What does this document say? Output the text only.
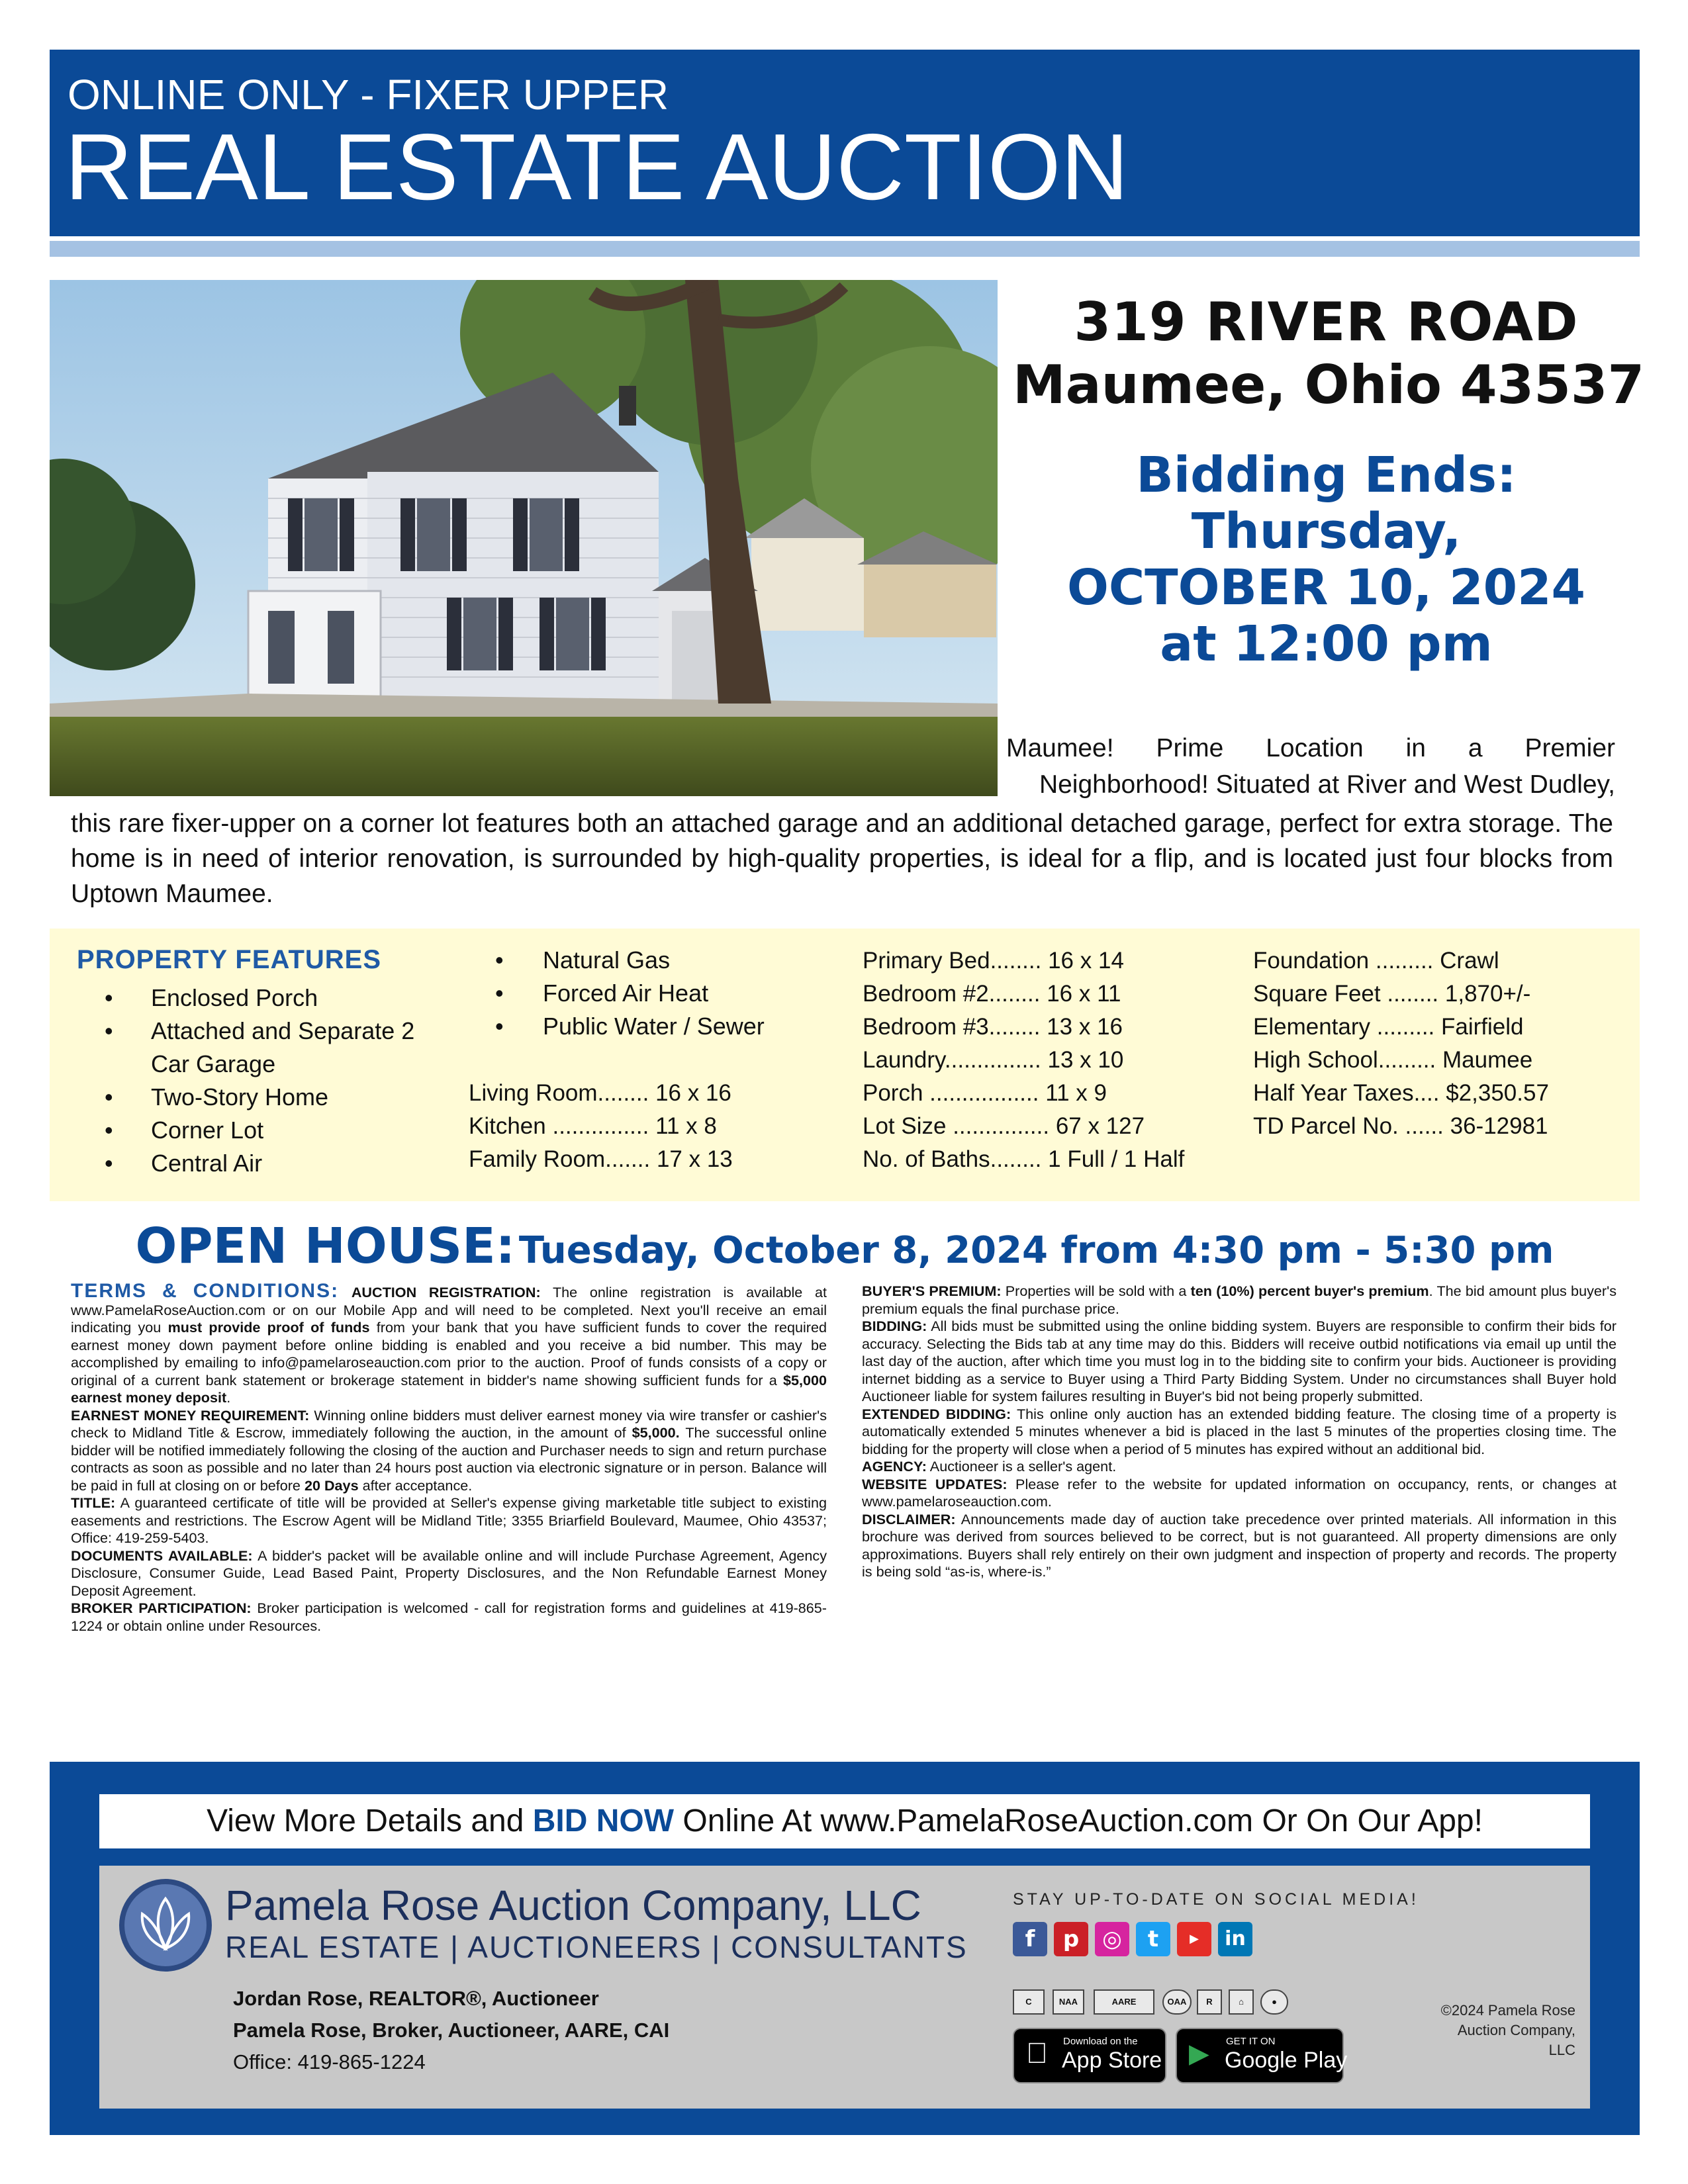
ONLINE ONLY - FIXER UPPER
REAL ESTATE AUCTION
319 RIVER ROAD
Maumee, Ohio 43537
Bidding Ends:
Thursday,
OCTOBER 10, 2024
at 12:00 pm
Maumee! Prime Location in a Premier
Neighborhood! Situated at River and West Dudley,
this rare fixer-upper on a corner lot features both an attached garage and an additional detached garage, perfect for extra storage. The home is in need of interior renovation, is surrounded by high-quality properties, is ideal for a flip, and is located just four blocks from Uptown Maumee.
PROPERTY FEATURES
• Enclosed Porch
• Attached and Separate 2
Car Garage
• Two-Story Home
• Corner Lot
• Central Air
• Natural Gas
• Forced Air Heat
• Public Water / Sewer
Living Room........ 16 x 16
Kitchen ............... 11 x 8
Family Room....... 17 x 13
Primary Bed........ 16 x 14
Bedroom #2........ 16 x 11
Bedroom #3........ 13 x 16
Laundry............... 13 x 10
Porch ................. 11 x 9
Lot Size ............... 67 x 127
No. of Baths........ 1 Full / 1 Half
Foundation ......... Crawl
Square Feet ........ 1,870+/-
Elementary ......... Fairfield
High School......... Maumee
Half Year Taxes.... $2,350.57
TD Parcel No. ...... 36-12981
OPEN HOUSE: Tuesday, October 8, 2024 from 4:30 pm - 5:30 pm
TERMS & CONDITIONS: AUCTION REGISTRATION: The online registration is available at www.PamelaRoseAuction.com or on our Mobile App and will need to be completed. Next you'll receive an email indicating you must provide proof of funds from your bank that you have sufficient funds to cover the required earnest money down payment before online bidding is enabled and you receive a bid number. This may be accomplished by emailing to info@pamelaroseauction.com prior to the auction. Proof of funds consists of a copy or original of a current bank statement or brokerage statement in bidder's name showing sufficient funds for a $5,000 earnest money deposit.
EARNEST MONEY REQUIREMENT: Winning online bidders must deliver earnest money via wire transfer or cashier's check to Midland Title & Escrow, immediately following the auction, in the amount of $5,000. The successful online bidder will be notified immediately following the closing of the auction and Purchaser needs to sign and return purchase contracts as soon as possible and no later than 24 hours post auction via electronic signature or in person. Balance will be paid in full at closing on or before 20 Days after acceptance.
TITLE: A guaranteed certificate of title will be provided at Seller's expense giving marketable title subject to existing easements and restrictions. The Escrow Agent will be Midland Title; 3355 Briarfield Boulevard, Maumee, Ohio 43537; Office: 419-259-5403.
DOCUMENTS AVAILABLE: A bidder's packet will be available online and will include Purchase Agreement, Agency Disclosure, Consumer Guide, Lead Based Paint, Property Disclosures, and the Non Refundable Earnest Money Deposit Agreement.
BROKER PARTICIPATION: Broker participation is welcomed - call for registration forms and guidelines at 419-865-1224 or obtain online under Resources.
BUYER'S PREMIUM: Properties will be sold with a ten (10%) percent buyer's premium. The bid amount plus buyer's premium equals the final purchase price.
BIDDING: All bids must be submitted using the online bidding system. Buyers are responsible to confirm their bids for accuracy. Selecting the Bids tab at any time may do this. Bidders will receive outbid notifications via email up until the last day of the auction, after which time you must log in to the bidding site to confirm your bids. Auctioneer is providing internet bidding as a service to Buyer using a Third Party Bidding System. Under no circumstances shall Buyer hold Auctioneer liable for system failures resulting in Buyer's bid not being properly submitted.
EXTENDED BIDDING: This online only auction has an extended bidding feature. The closing time of a property is automatically extended 5 minutes whenever a bid is placed in the last 5 minutes of the properties closing time. The bidding for the property will close when a period of 5 minutes has expired without an additional bid.
AGENCY: Auctioneer is a seller's agent.
WEBSITE UPDATES: Please refer to the website for updated information on occupancy, rents, or changes at www.pamelaroseauction.com.
DISCLAIMER: Announcements made day of auction take precedence over printed materials. All information in this brochure was derived from sources believed to be correct, but is not guaranteed. All property dimensions are only approximations. Buyers shall rely entirely on their own judgment and inspection of property and records. The property is being sold “as-is, where-is.”
View More Details and BID NOW Online At www.PamelaRoseAuction.com Or On Our App!
Pamela Rose Auction Company, LLC
REAL ESTATE | AUCTIONEERS | CONSULTANTS
Jordan Rose, REALTOR®, Auctioneer
Pamela Rose, Broker, Auctioneer, AARE, CAI
Office: 419-865-1224
STAY UP-TO-DATE ON SOCIAL MEDIA!
f	p	◎	t	▶	in
C	NAA	AARE	OAA	R	⌂	●
Download on the
App Store ▶ GET IT ON
Google Play
©2024 Pamela Rose Auction Company, LLC
